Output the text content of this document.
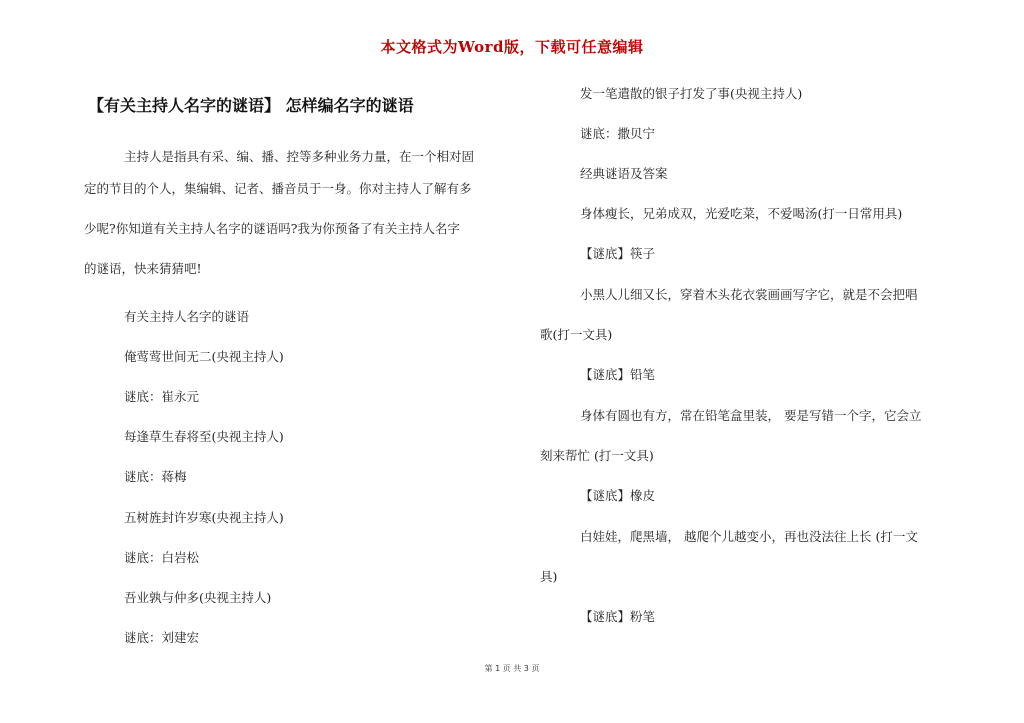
本文格式为Word版，下载可任意编辑
【有关主持人名字的谜语】 怎样编名字的谜语
主持人是指具有采、编、播、控等多种业务力量，在一个相对固
定的节目的个人，集编辑、记者、播音员于一身。你对主持人了解有多
少呢?你知道有关主持人名字的谜语吗?我为你预备了有关主持人名字
的谜语，快来猜猜吧!
有关主持人名字的谜语
俺莺莺世间无二(央视主持人)
谜底：崔永元
每逢草生春将至(央视主持人)
谜底：蒋梅
五树旌封许岁寒(央视主持人)
谜底：白岩松
吾业孰与仲多(央视主持人)
谜底：刘建宏
发一笔遣散的银子打发了事(央视主持人)
谜底：撒贝宁
经典谜语及答案
身体瘦长，兄弟成双，光爱吃菜，不爱喝汤(打一日常用具)
【谜底】筷子
小黑人儿细又长，穿着木头花衣裳画画写字它，就是不会把唱
歌(打一文具)
【谜底】铅笔
身体有圆也有方，常在铅笔盒里装， 要是写错一个字，它会立
刻来帮忙 (打一文具)
【谜底】橡皮
白娃娃，爬黑墙， 越爬个儿越变小，再也没法往上长 (打一文
具)
【谜底】粉笔
第 1 页 共 3 页
